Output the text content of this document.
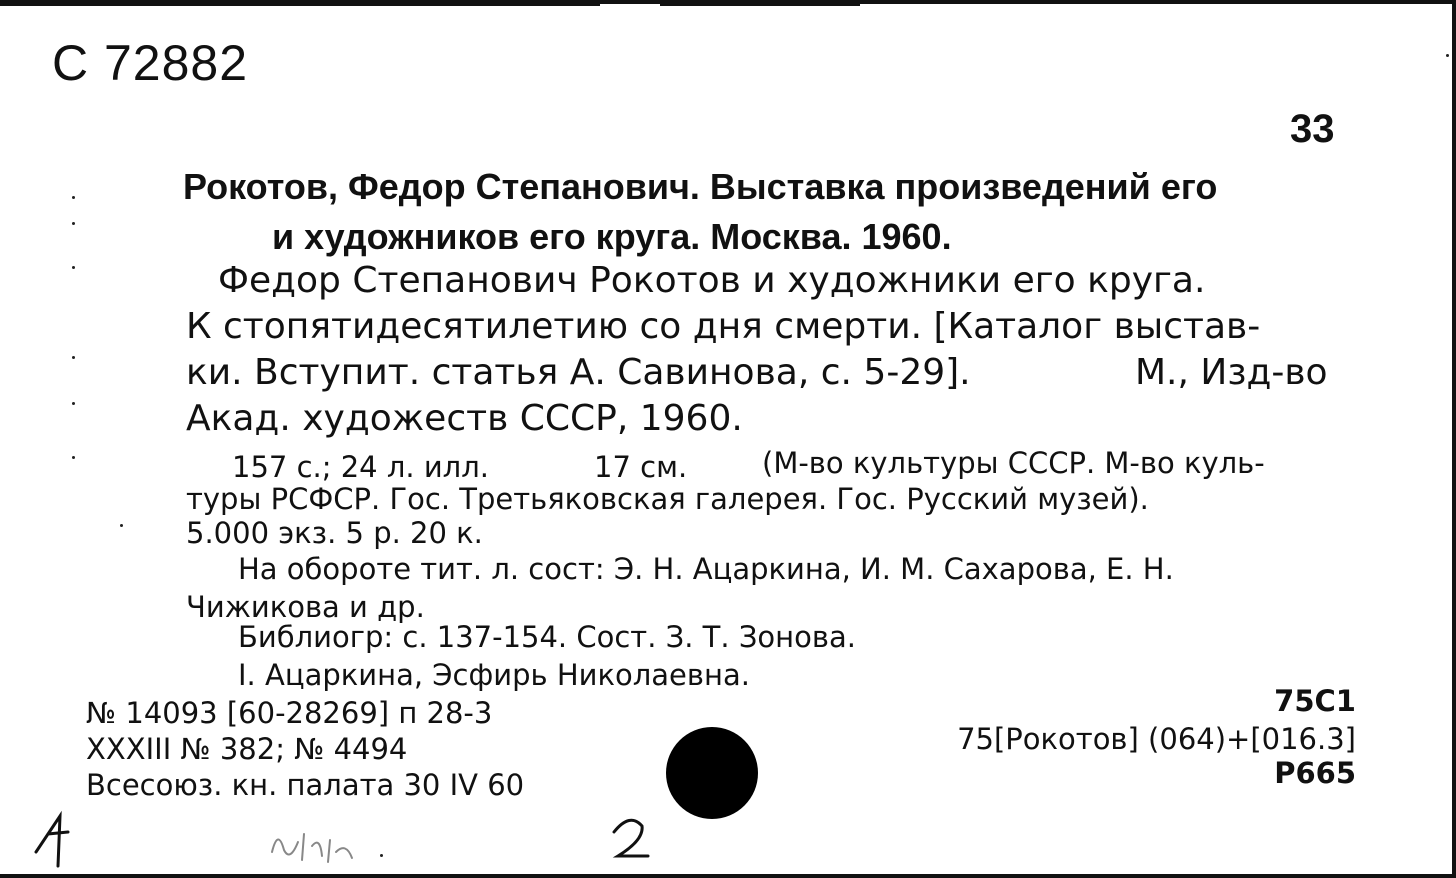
С 72882
33
Рокотов, Федор Степанович. Выставка произведений его
и художников его круга. Москва. 1960.
Федор Степанович Рокотов и художники его круга.
К стопятидесятилетию со дня смерти. [Каталог выстав-
ки. Вступит. статья А. Савинова, с. 5-29].	М., Изд-во
Акад. художеств СССР, 1960.
157 с.; 24 л. илл.	17 см.	(М-во культуры СССР. М-во куль-
туры РСФСР. Гос. Третьяковская галерея. Гос. Русский музей).
5.000 экз. 5 р. 20 к.
На обороте тит. л. сост: Э. Н. Ацаркина, И. М. Сахарова, Е. Н.
Чижикова и др.
Библиогр: с. 137-154. Сост. З. Т. Зонова.
I. Ацаркина, Эсфирь Николаевна.
№ 14093 [60-28269] п 28-3
XXXIII № 382; № 4494
Всесоюз. кн. палата 30 IV 60
75С1
75[Рокотов] (064)+[016.3]
Р665
